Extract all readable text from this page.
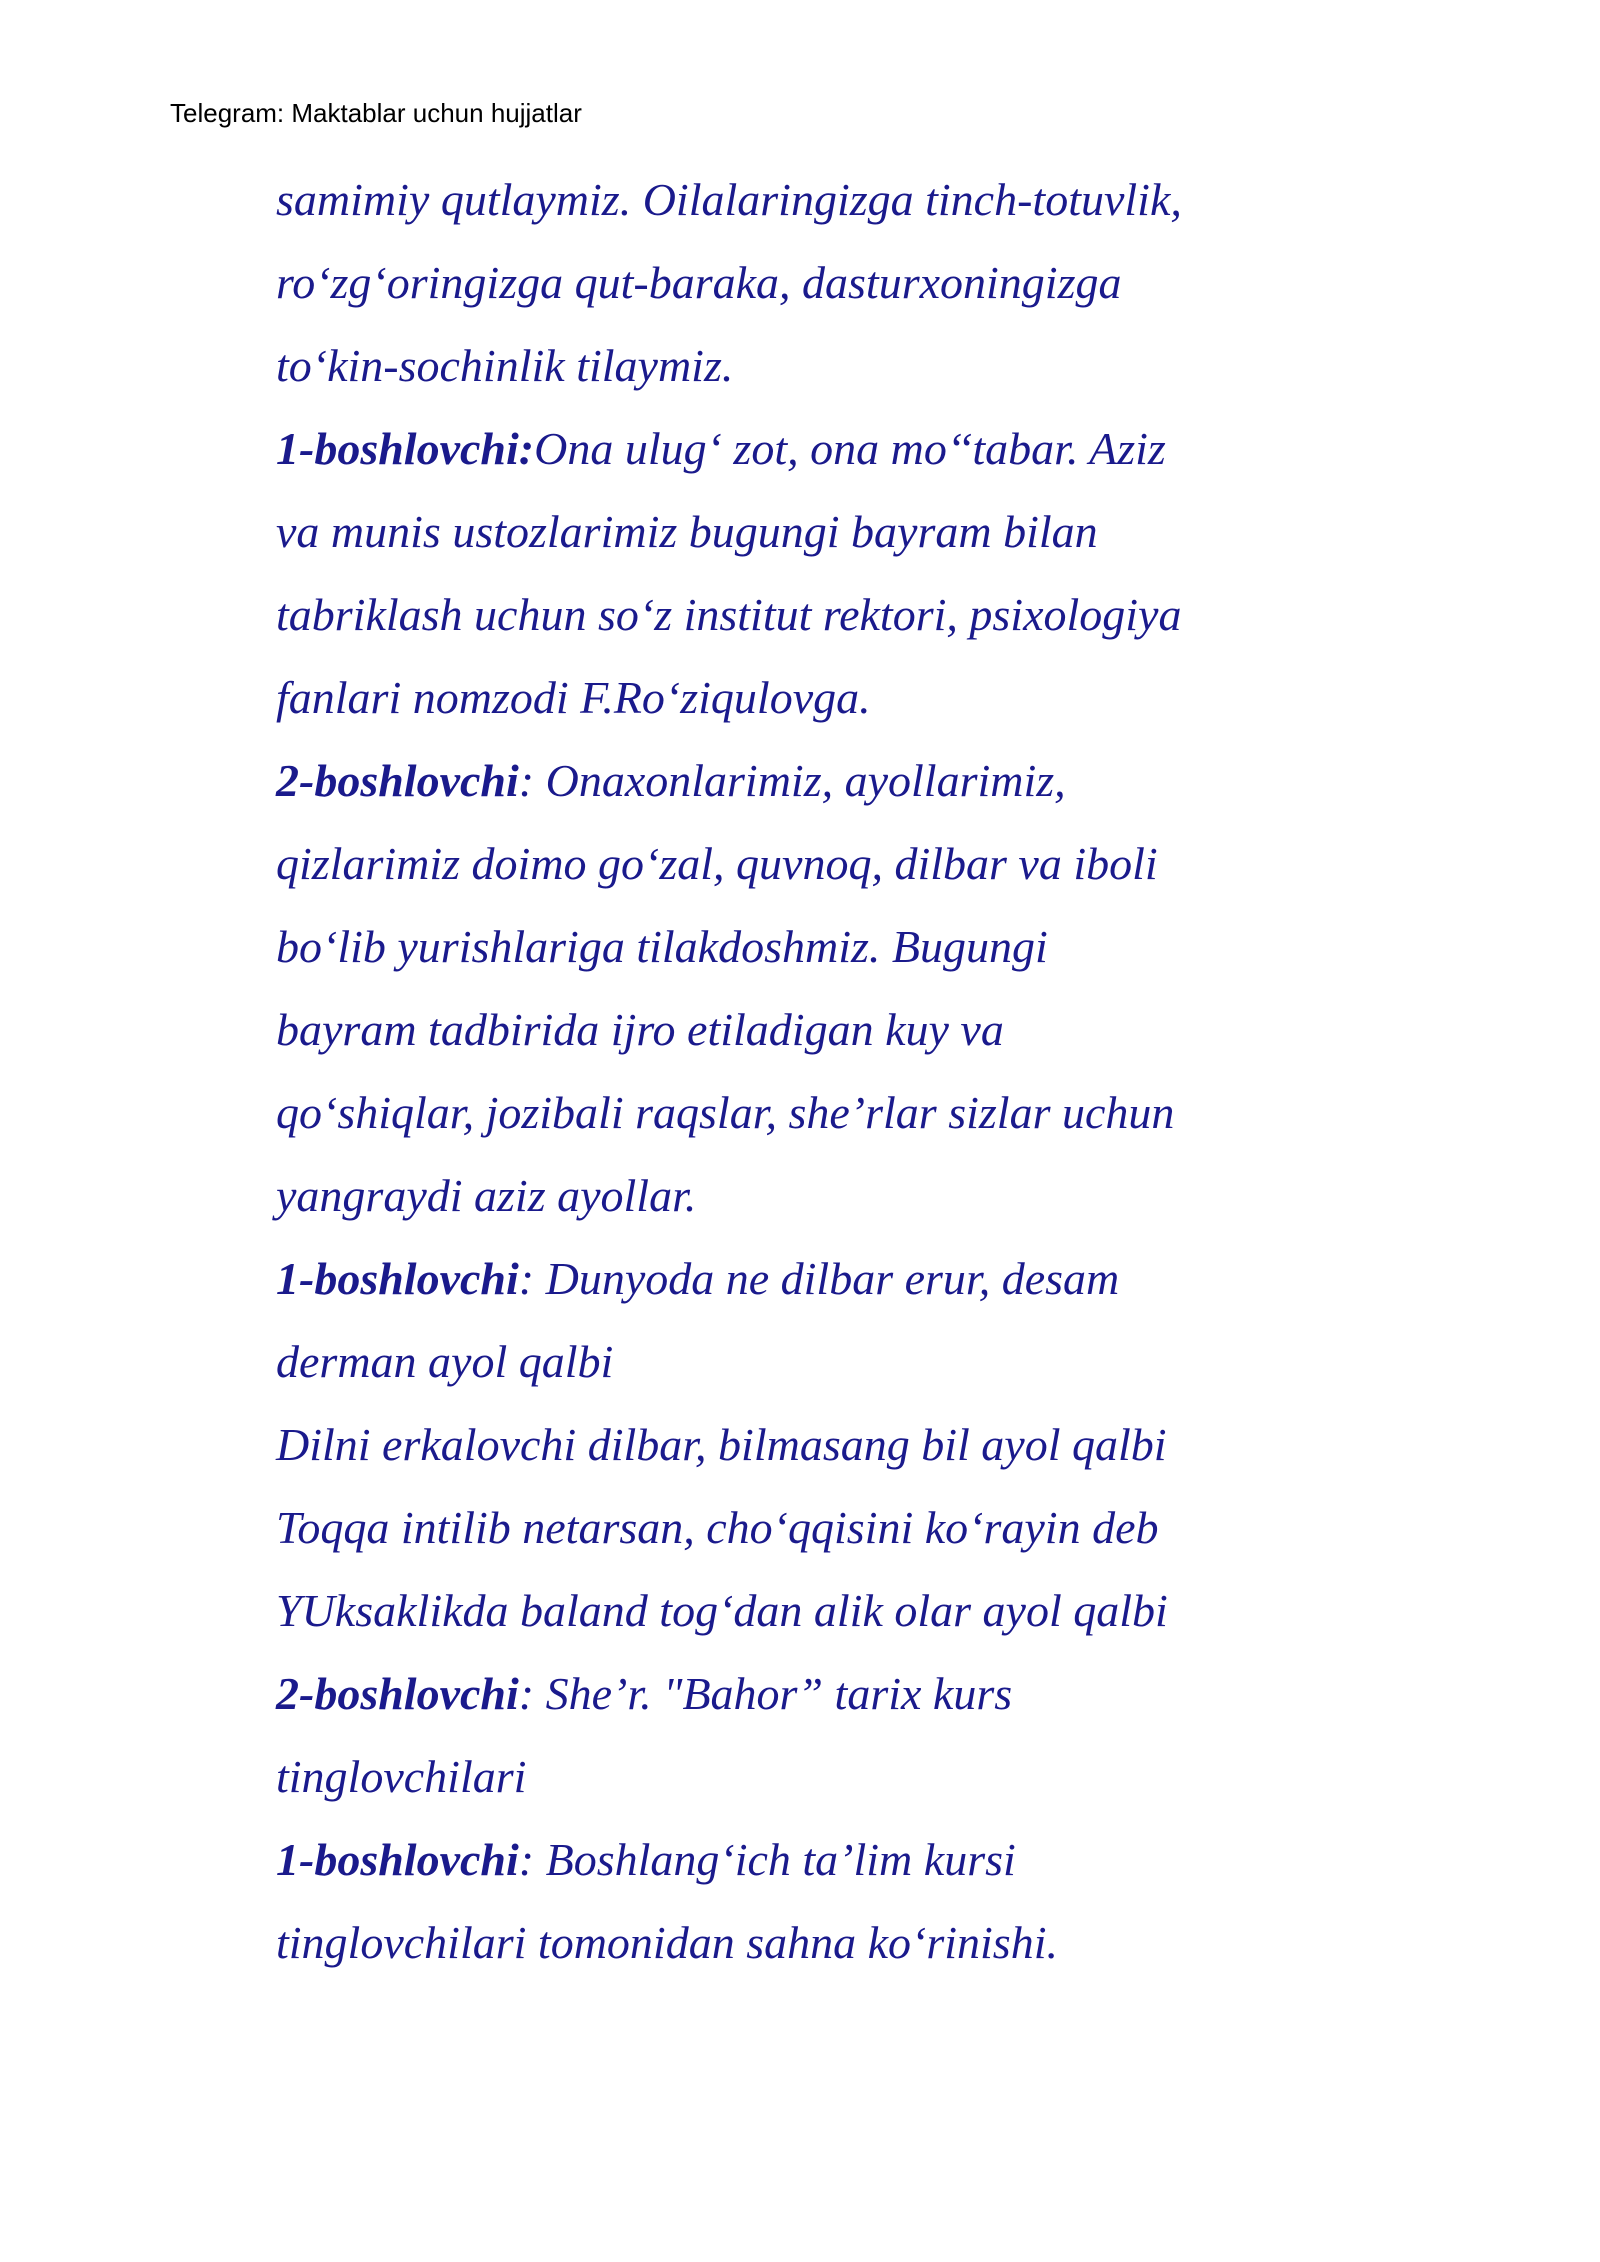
Telegram: Maktablar uchun hujjatlar
samimiy qutlaymiz. Oilalaringizga tinch-totuvlik,
ro‘zg‘oringizga qut-baraka, dasturxoningizga
to‘kin-sochinlik tilaymiz.
1-boshlovchi:Ona ulug‘ zot, ona mo‘‘tabar. Aziz
va munis ustozlarimiz bugungi bayram bilan
tabriklash uchun so‘z institut rektori, psixologiya
fanlari nomzodi F.Ro‘ziqulovga.
2-boshlovchi: Onaxonlarimiz, ayollarimiz,
qizlarimiz doimo go‘zal, quvnoq, dilbar va iboli
bo‘lib yurishlariga tilakdoshmiz. Bugungi
bayram tadbirida ijro etiladigan kuy va
qo‘shiqlar, jozibali raqslar, she’rlar sizlar uchun
yangraydi aziz ayollar.
1-boshlovchi: Dunyoda ne dilbar erur, desam
derman ayol qalbi
Dilni erkalovchi dilbar, bilmasang bil ayol qalbi
Toqqa intilib netarsan, cho‘qqisini ko‘rayin deb
YUksaklikda baland tog‘dan alik olar ayol qalbi
2-boshlovchi: She’r. "Bahor” tarix kurs
tinglovchilari
1-boshlovchi: Boshlang‘ich ta’lim kursi
tinglovchilari tomonidan sahna ko‘rinishi.
